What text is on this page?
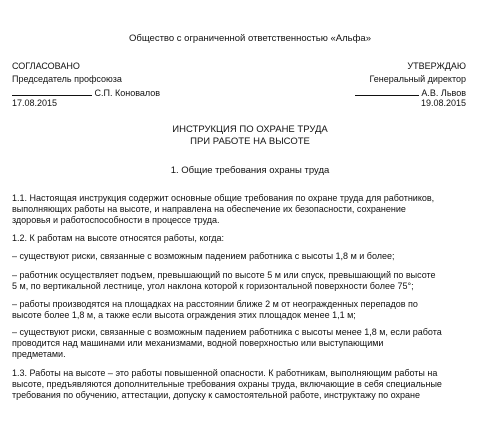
Общество с ограниченной ответственностью «Альфа»
СОГЛАСОВАНО
Председатель профсоюза
С.П. Коновалов
17.08.2015
УТВЕРЖДАЮ
Генеральный директор
А.В. Львов
19.08.2015
ИНСТРУКЦИЯ ПО ОХРАНЕ ТРУДА
ПРИ РАБОТЕ НА ВЫСОТЕ
1. Общие требования охраны труда
1.1. Настоящая инструкция содержит основные общие требования по охране труда для работников,
выполняющих работы на высоте, и направлена на обеспечение их безопасности, сохранение
здоровья и работоспособности в процессе труда.
1.2. К работам на высоте относятся работы, когда:
– существуют риски, связанные с возможным падением работника с высоты 1,8 м и более;
– работник осуществляет подъем, превышающий по высоте 5 м или спуск, превышающий по высоте
5 м, по вертикальной лестнице, угол наклона которой к горизонтальной поверхности более 75°;
– работы производятся на площадках на расстоянии ближе 2 м от неогражденных перепадов по
высоте более 1,8 м, а также если высота ограждения этих площадок менее 1,1 м;
– существуют риски, связанные с возможным падением работника с высоты менее 1,8 м, если работа
проводится над машинами или механизмами, водной поверхностью или выступающими
предметами.
1.3. Работы на высоте – это работы повышенной опасности. К работникам, выполняющим работы на
высоте, предъявляются дополнительные требования охраны труда, включающие в себя специальные
требования по обучению, аттестации, допуску к самостоятельной работе, инструктажу по охране
